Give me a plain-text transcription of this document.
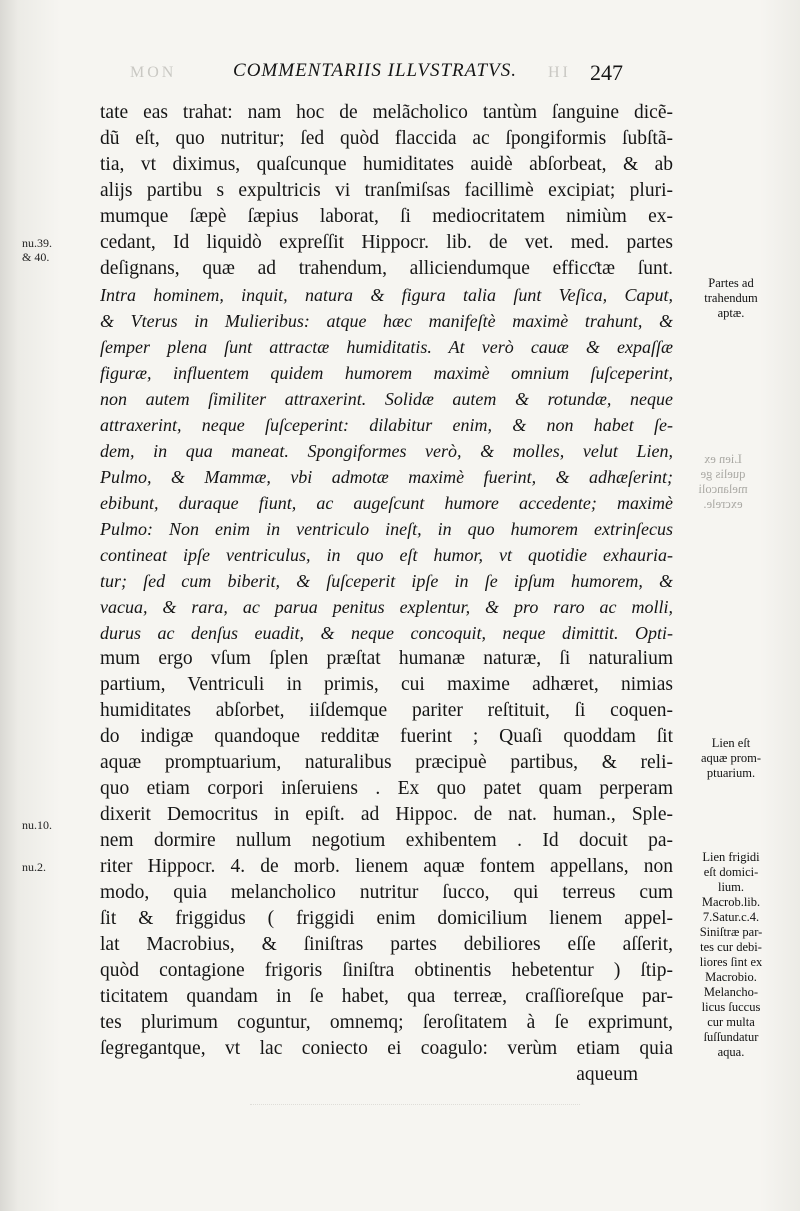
MON	COMMENTARIIS ILLVSTRATVS.	HI 247
tate eas trahat: nam hoc de melãcholico tantùm ſanguine dicẽ-
dũ eſt, quo nutritur; ſed quòd flaccida ac ſpongiformis ſubſtã-
tia, vt diximus, quaſcunque humiditates auidè abſorbeat, & ab
alijs partibu s expultricis vi tranſmiſsas facillimè excipiat; pluri-
mumque ſæpè ſæpius laborat, ſi mediocritatem nimiùm ex-
cedant, Id liquidò expreſſit Hippocr. lib. de vet. med. partes
deſignans, quæ ad trahendum, alliciendumque efficƈtæ ſunt.
Intra hominem, inquit, natura & figura talia ſunt Veſica, Caput,
& Vterus in Mulieribus: atque hæc manifeſtè maximè trahunt, &
ſemper plena ſunt attractæ humiditatis. At verò cauæ & expaſſæ
figuræ, influentem quidem humorem maximè omnium ſuſceperint,
non autem ſimiliter attraxerint. Solidæ autem & rotundæ, neque
attraxerint, neque ſuſceperint: dilabitur enim, & non habet ſe-
dem, in qua maneat. Spongiformes verò, & molles, velut Lien,
Pulmo, & Mammæ, vbi admotæ maximè fuerint, & adhæſerint;
ebibunt, duraque fiunt, ac augeſcunt humore accedente; maximè
Pulmo: Non enim in ventriculo ineſt, in quo humorem extrinſecus
contineat ipſe ventriculus, in quo eſt humor, vt quotidie exhauria-
tur; ſed cum biberit, & ſuſceperit ipſe in ſe ipſum humorem, &
vacua, & rara, ac parua penitus explentur, & pro raro ac molli,
durus ac denſus euadit, & neque concoquit, neque dimittit. Opti-
mum ergo vſum ſplen præſtat humanæ naturæ, ſi naturalium
partium, Ventriculi in primis, cui maxime adhæret, nimias
humiditates abſorbet, iiſdemque pariter reſtituit, ſi coquen-
do indigæ quandoque redditæ fuerint ; Quaſi quoddam ſit
aquæ promptuarium, naturalibus præcipuè partibus, & reli-
quo etiam corpori inſeruiens . Ex quo patet quam perperam
dixerit Democritus in epiſt. ad Hippoc. de nat. human., Sple-
nem dormire nullum negotium exhibentem . Id docuit pa-
riter Hippocr. 4. de morb. lienem aquæ fontem appellans, non
modo, quia melancholico nutritur ſucco, qui terreus cum
ſit & friggidus ( friggidi enim domicilium lienem appel-
lat Macrobius, & ſiniſtras partes debiliores eſſe aſſerit,
quòd contagione frigoris ſiniſtra obtinentis hebetentur ) ſtip-
ticitatem quandam in ſe habet, qua terreæ, craſſioreſque par-
tes plurimum coguntur, omnemq; ſeroſitatem à ſe exprimunt,
ſegregantque, vt lac coniecto ei coagulo: verùm etiam quia
aqueum
nu.39.
& 40.
nu.10.
nu.2.
Partes ad
trahendum
aptæ.
Lien eſt
aquæ prom-
ptuarium.
Lien frigidi
eſt domici-
lium.
Macrob.lib.
7.Satur.c.4.
Siniſtræ par-
tes cur debi-
liores ſint ex
Macrobio.
Melancho-
licus ſuccus
cur multa
ſuſſundatur
aqua.
Lien ex
quelis ge
melancoli
excrele.
